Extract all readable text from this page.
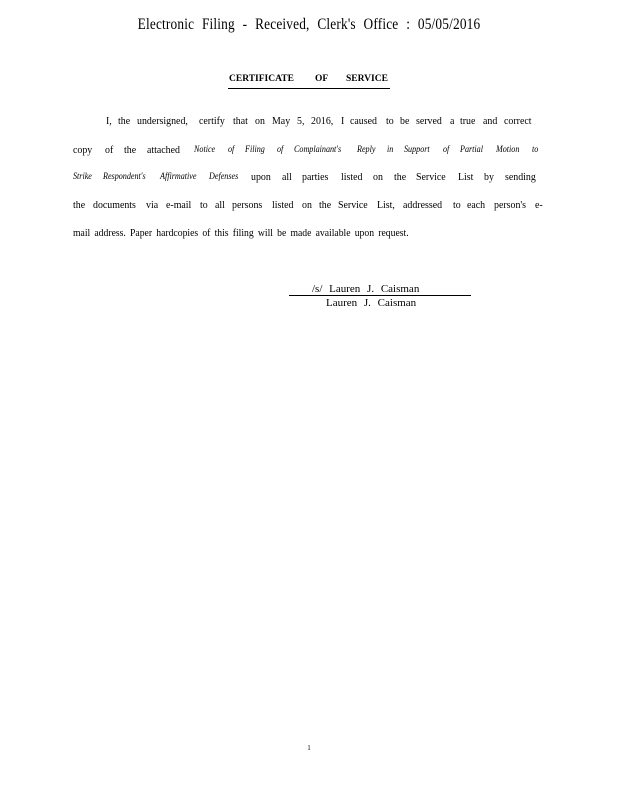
Electronic Filing - Received, Clerk's Office : 05/05/2016
CERTIFICATE OF SERVICE
I, the undersigned, certify that on May 5, 2016, I caused to be served a true and correct
copy of the attached Notice of Filing of Complainant's Reply in Support of Partial Motion to
Strike Respondent's Affirmative Defenses upon all parties listed on the Service List by sending
the documents via e-mail to all persons listed on the Service List, addressed to each person's e-
mail address. Paper hardcopies of this filing will be made available upon request.
/s/ Lauren J. Caisman
Lauren J. Caisman
1
